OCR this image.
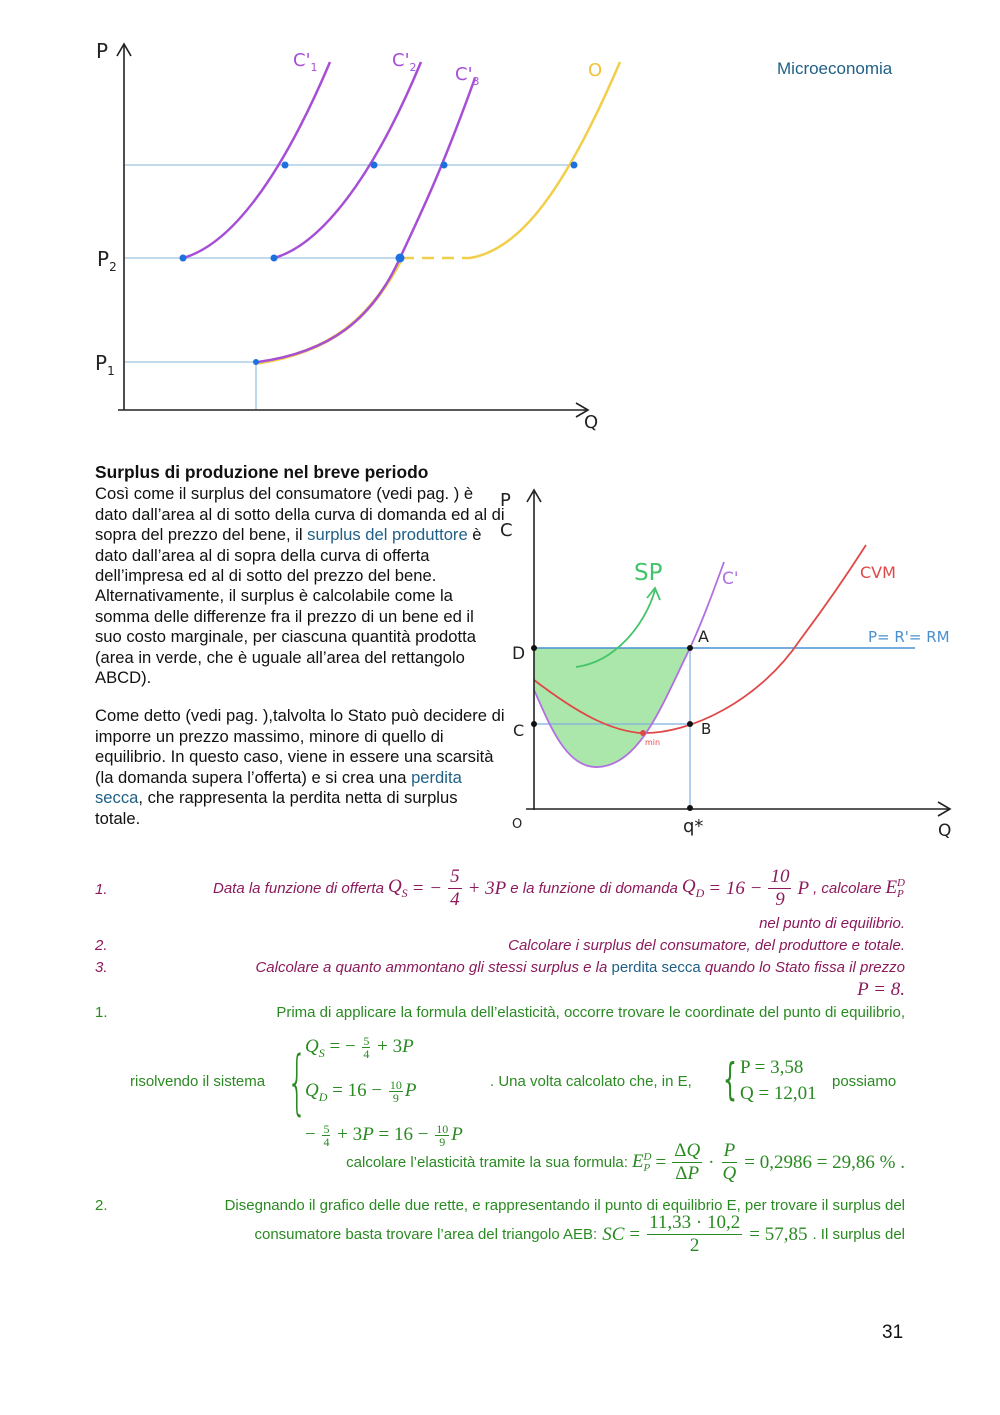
Microeconomia
P
Q
$P_2$
$P_1$
$C'_1$	$C'_2$ $C'_3$
O
Surplus di produzione nel breve periodo

Così come il surplus del consumatore (vedi pag. ) è dato dall’area al di sotto della curva di domanda ed al di sopra del prezzo del bene, il surplus del produttore è dato dall’area al di sopra della curva di offerta dell’impresa ed al di sotto del prezzo del bene. Alternativamente, il surplus è calcolabile come la somma delle differenze fra il prezzo di un bene ed il suo costo marginale, per ciascuna quantità prodotta (area in verde, che è uguale all’area del rettangolo ABCD).

Come detto (vedi pag. ),talvolta lo Stato può decidere di imporre un prezzo massimo, minore di quello di equilibrio. In questo caso, viene in essere una scarsità (la domanda supera l’offerta) e si crea una perdita secca, che rappresenta la perdita netta di surplus totale.

P
C
Q
O
D
C
A
B
q*
min
SP	C'	CVM
P= R'= RM
1.	Data la funzione di offerta $Q_S$ = − $\frac{5}{4} + 3P$ e la funzione di domanda $Q_D = 16 - \frac{10}{9}$ P , calcolare E D
P
nel punto di equilibrio.
2.	Calcolare i surplus del consumatore, del produttore e totale.
3.	Calcolare a quanto ammontano gli stessi surplus e la perdita secca quando lo Stato fissa il prezzo
P = 8.
1.	Prima di applicare la formula dell’elasticità, occorre trovare le coordinate del punto di equilibrio,
risolvendo il sistema {
$Q_S$ = − $\frac{5}{4} + 3P$
$Q_D = 16 - \frac{10}{9}$ P
− $\frac{5}{4} + 3P = 16 - \frac{10}{9}$ P
. Una volta calcolato che, in E, { P = 3,58
Q = 12,01
possiamo
calcolare l’elasticità tramite la sua formula: E D
$P = \frac{\Delta Q}{\Delta P} \cdot \frac{P}{Q} = 0,2986 = 29,86$ % .
2.	Disegnando il grafico delle due rette, e rappresentando il punto di equilibrio E, per trovare il surplus del
consumatore basta trovare l’area del triangolo AEB: SC = $\frac{11,33 \cdot 10,2}{2} = 57,85$ . Il surplus del
31
